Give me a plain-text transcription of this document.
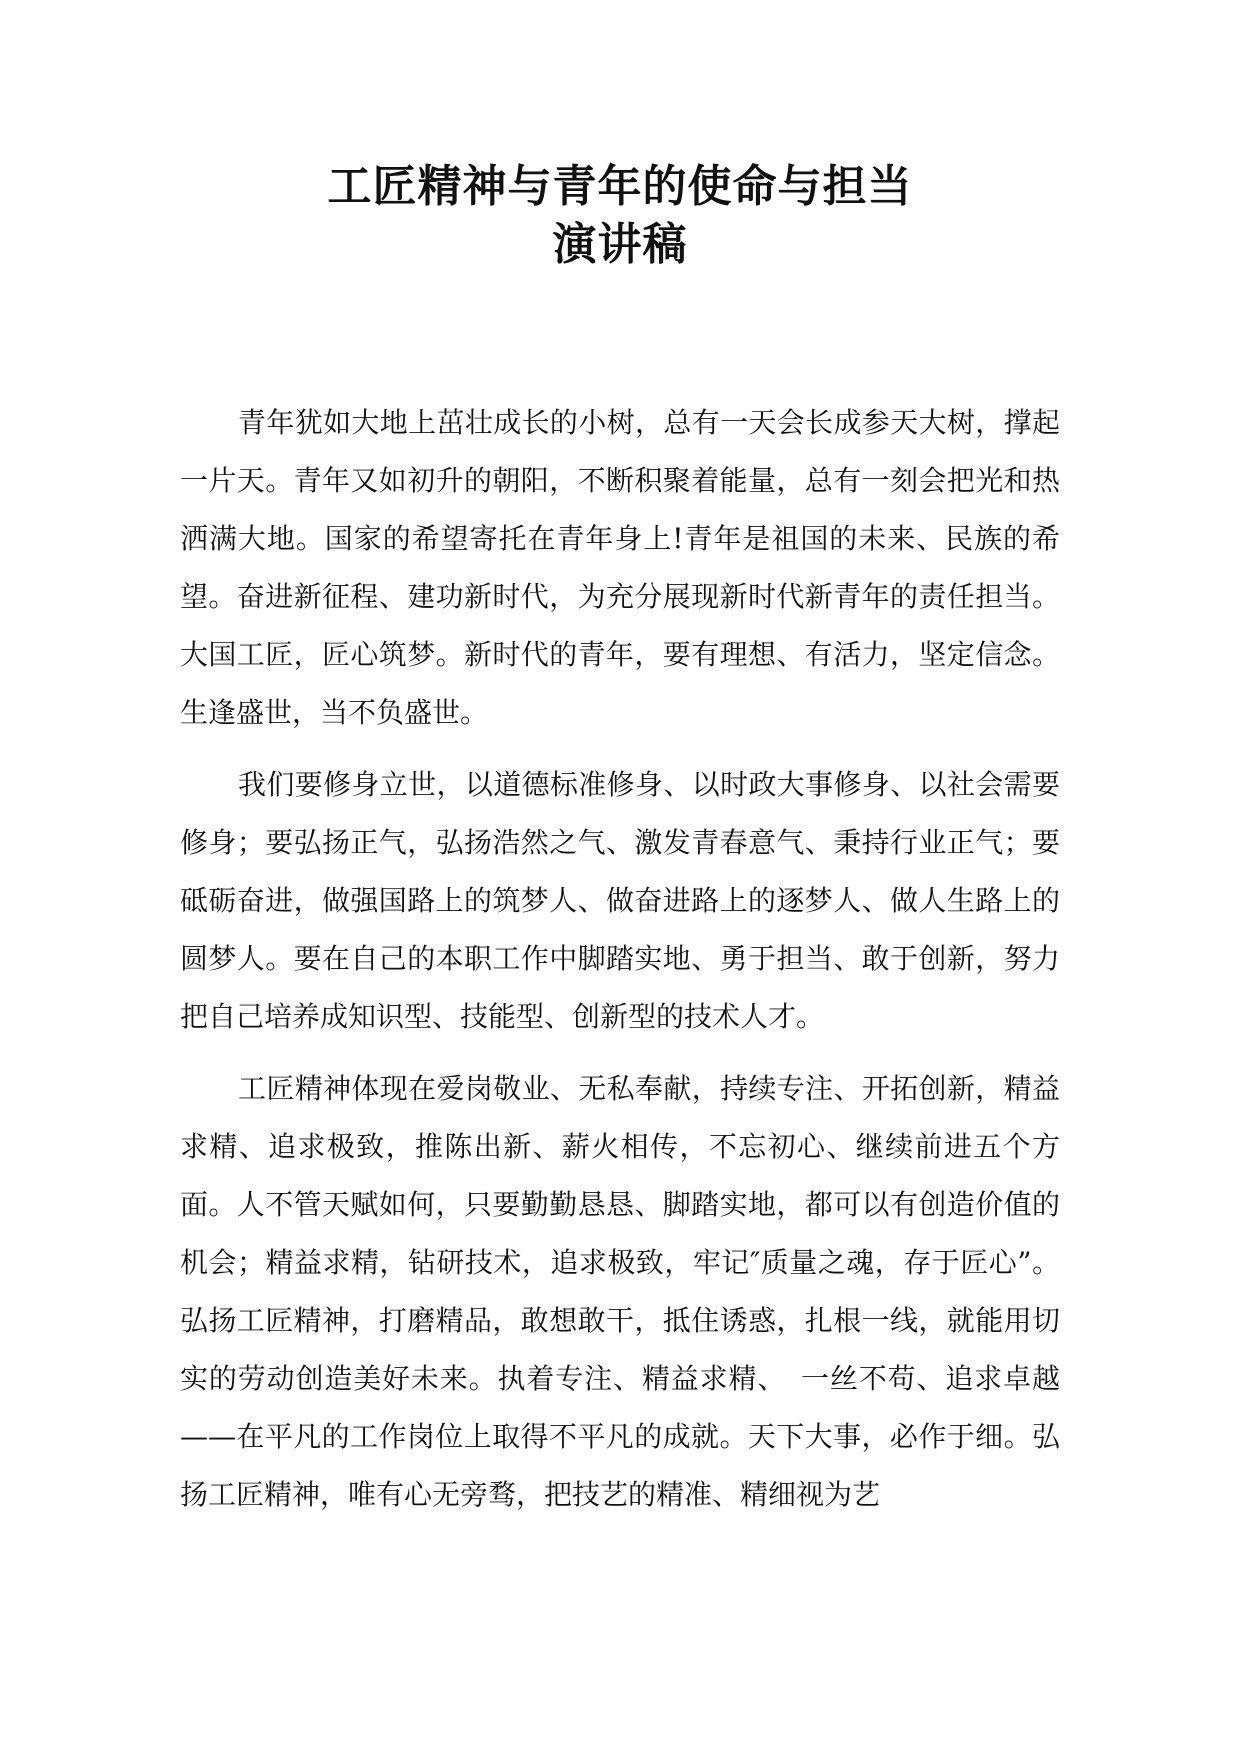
工匠精神与青年的使命与担当
演讲稿

青年犹如大地上茁壮成长的小树，总有一天会长成参天大树，撑起一片天。青年又如初升的朝阳，不断积聚着能量，总有一刻会把光和热洒满大地。国家的希望寄托在青年身上!青年是祖国的未来、民族的希望。奋进新征程、建功新时代，为充分展现新时代新青年的责任担当。大国工匠，匠心筑梦。新时代的青年，要有理想、有活力，坚定信念。生逢盛世，当不负盛世。

我们要修身立世，以道德标准修身、以时政大事修身、以社会需要修身；要弘扬正气，弘扬浩然之气、激发青春意气、秉持行业正气；要砥砺奋进，做强国路上的筑梦人、做奋进路上的逐梦人、做人生路上的圆梦人。要在自己的本职工作中脚踏实地、勇于担当、敢于创新，努力把自己培养成知识型、技能型、创新型的技术人才。

工匠精神体现在爱岗敬业、无私奉献，持续专注、开拓创新，精益求精、追求极致，推陈出新、薪火相传，不忘初心、继续前进五个方面。人不管天赋如何，只要勤勤恳恳、脚踏实地，都可以有创造价值的机会；精益求精，钻研技术，追求极致，牢记″质量之魂，存于匠心”。弘扬工匠精神，打磨精品，敢想敢干，抵住诱惑，扎根一线，就能用切实的劳动创造美好未来。执着专注、精益求精、　一丝不苟、追求卓越——在平凡的工作岗位上取得不平凡的成就。天下大事，必作于细。弘扬工匠精神，唯有心无旁骛，把技艺的精准、精细视为艺
